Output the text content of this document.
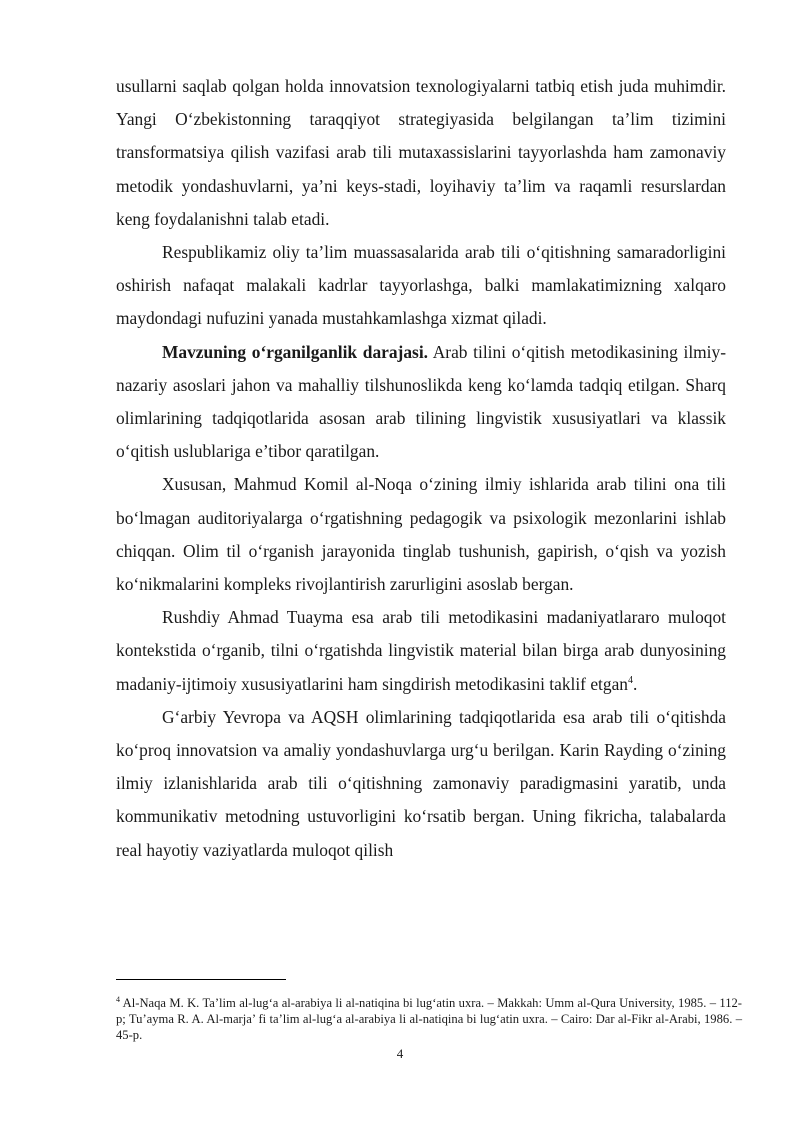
usullarni saqlab qolgan holda innovatsion texnologiyalarni tatbiq etish juda muhimdir. Yangi O‘zbekistonning taraqqiyot strategiyasida belgilangan ta’lim tizimini transformatsiya qilish vazifasi arab tili mutaxassislarini tayyorlashda ham zamonaviy metodik yondashuvlarni, ya’ni keys-stadi, loyihaviy ta’lim va raqamli resurslardan keng foydalanishni talab etadi.

Respublikamiz oliy ta’lim muassasalarida arab tili o‘qitishning samaradorligini oshirish nafaqat malakali kadrlar tayyorlashga, balki mamlakatimizning xalqaro maydondagi nufuzini yanada mustahkamlashga xizmat qiladi.

Mavzuning o‘rganilganlik darajasi. Arab tilini o‘qitish metodikasining ilmiy-nazariy asoslari jahon va mahalliy tilshunoslikda keng ko‘lamda tadqiq etilgan. Sharq olimlarining tadqiqotlarida asosan arab tilining lingvistik xususiyatlari va klassik o‘qitish uslublariga e’tibor qaratilgan.

Xususan, Mahmud Komil al-Noqa o‘zining ilmiy ishlarida arab tilini ona tili bo‘lmagan auditoriyalarga o‘rgatishning pedagogik va psixologik mezonlarini ishlab chiqqan. Olim til o‘rganish jarayonida tinglab tushunish, gapirish, o‘qish va yozish ko‘nikmalarini kompleks rivojlantirish zarurligini asoslab bergan.

Rushdiy Ahmad Tuayma esa arab tili metodikasini madaniyatlararo muloqot kontekstida o‘rganib, tilni o‘rgatishda lingvistik material bilan birga arab dunyosining madaniy-ijtimoiy xususiyatlarini ham singdirish metodikasini taklif etgan$^4$.

G‘arbiy Yevropa va AQSH olimlarining tadqiqotlarida esa arab tili o‘qitishda ko‘proq innovatsion va amaliy yondashuvlarga urg‘u berilgan. Karin Rayding o‘zining ilmiy izlanishlarida arab tili o‘qitishning zamonaviy paradigmasini yaratib, unda kommunikativ metodning ustuvorligini ko‘rsatib bergan. Uning fikricha, talabalarda real hayotiy vaziyatlarda muloqot qilish

$^4$ Al-Naqa M. K. Ta’lim al-lug‘a al-arabiya li al-natiqina bi lug‘atin uxra. – Makkah: Umm al-Qura University, 1985. – 112-p; Tu’ayma R. A. Al-marja’ fi ta’lim al-lug‘a al-arabiya li al-natiqina bi lug‘atin uxra. – Cairo: Dar al-Fikr al-Arabi, 1986. – 45-p.
4
